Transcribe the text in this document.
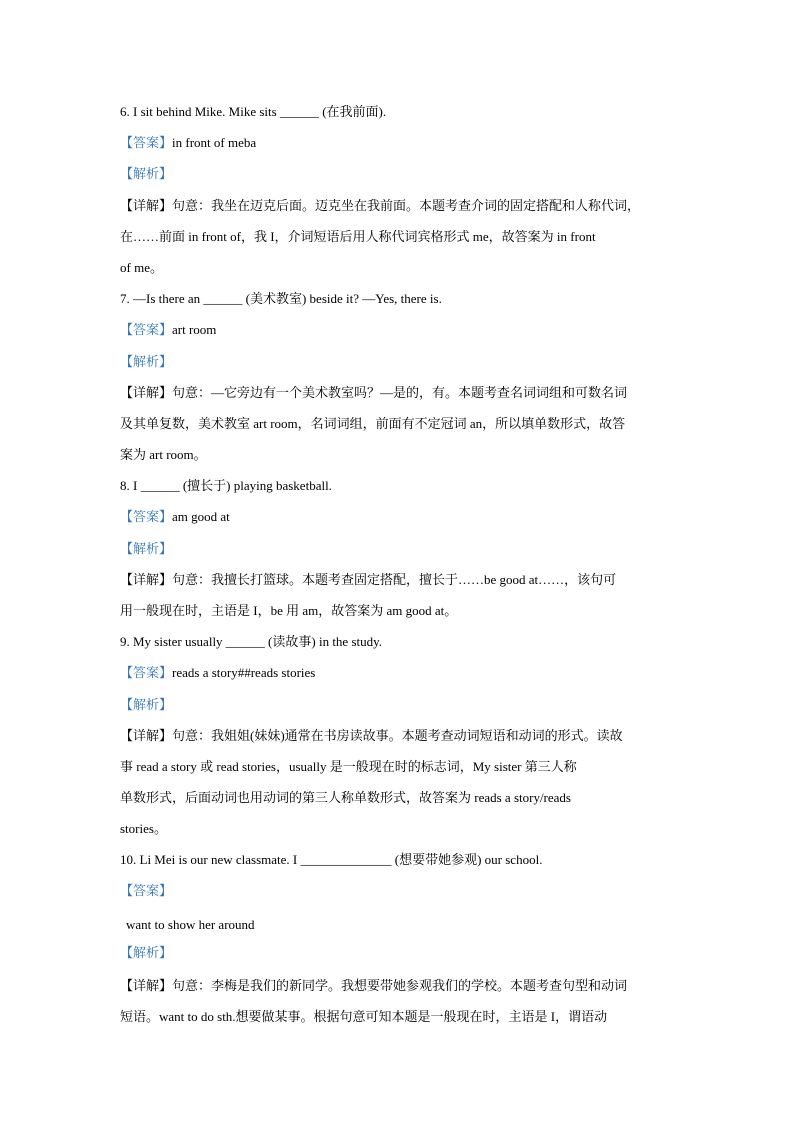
6. I sit behind Mike. Mike sits ______ (在我前面).
【答案】in front of meba
【解析】
【详解】句意：我坐在迈克后面。迈克坐在我前面。本题考查介词的固定搭配和人称代词，
在……前面 in front of，我 I，介词短语后用人称代词宾格形式 me，故答案为 in front
of me。
7. —Is there an ______ (美术教室) beside it? —Yes, there is.
【答案】art room
【解析】
【详解】句意：—它旁边有一个美术教室吗？—是的，有。本题考查名词词组和可数名词
及其单复数，美术教室 art room，名词词组，前面有不定冠词 an，所以填单数形式，故答
案为 art room。
8. I ______ (擅长于) playing basketball.
【答案】am good at
【解析】
【详解】句意：我擅长打篮球。本题考查固定搭配，擅长于……be good at……，该句可
用一般现在时，主语是 I，be 用 am，故答案为 am good at。
9. My sister usually ______ (读故事) in the study.
【答案】reads a story##reads stories
【解析】
【详解】句意：我姐姐(妹妹)通常在书房读故事。本题考查动词短语和动词的形式。读故
事 read a story 或 read stories，usually 是一般现在时的标志词，My sister 第三人称
单数形式，后面动词也用动词的第三人称单数形式，故答案为 reads a story/reads
stories。
10. Li Mei is our new classmate. I ______________ (想要带她参观) our school.
【答案】
want to show her around
【解析】
【详解】句意：李梅是我们的新同学。我想要带她参观我们的学校。本题考查句型和动词
短语。want to do sth.想要做某事。根据句意可知本题是一般现在时，主语是 I，谓语动
